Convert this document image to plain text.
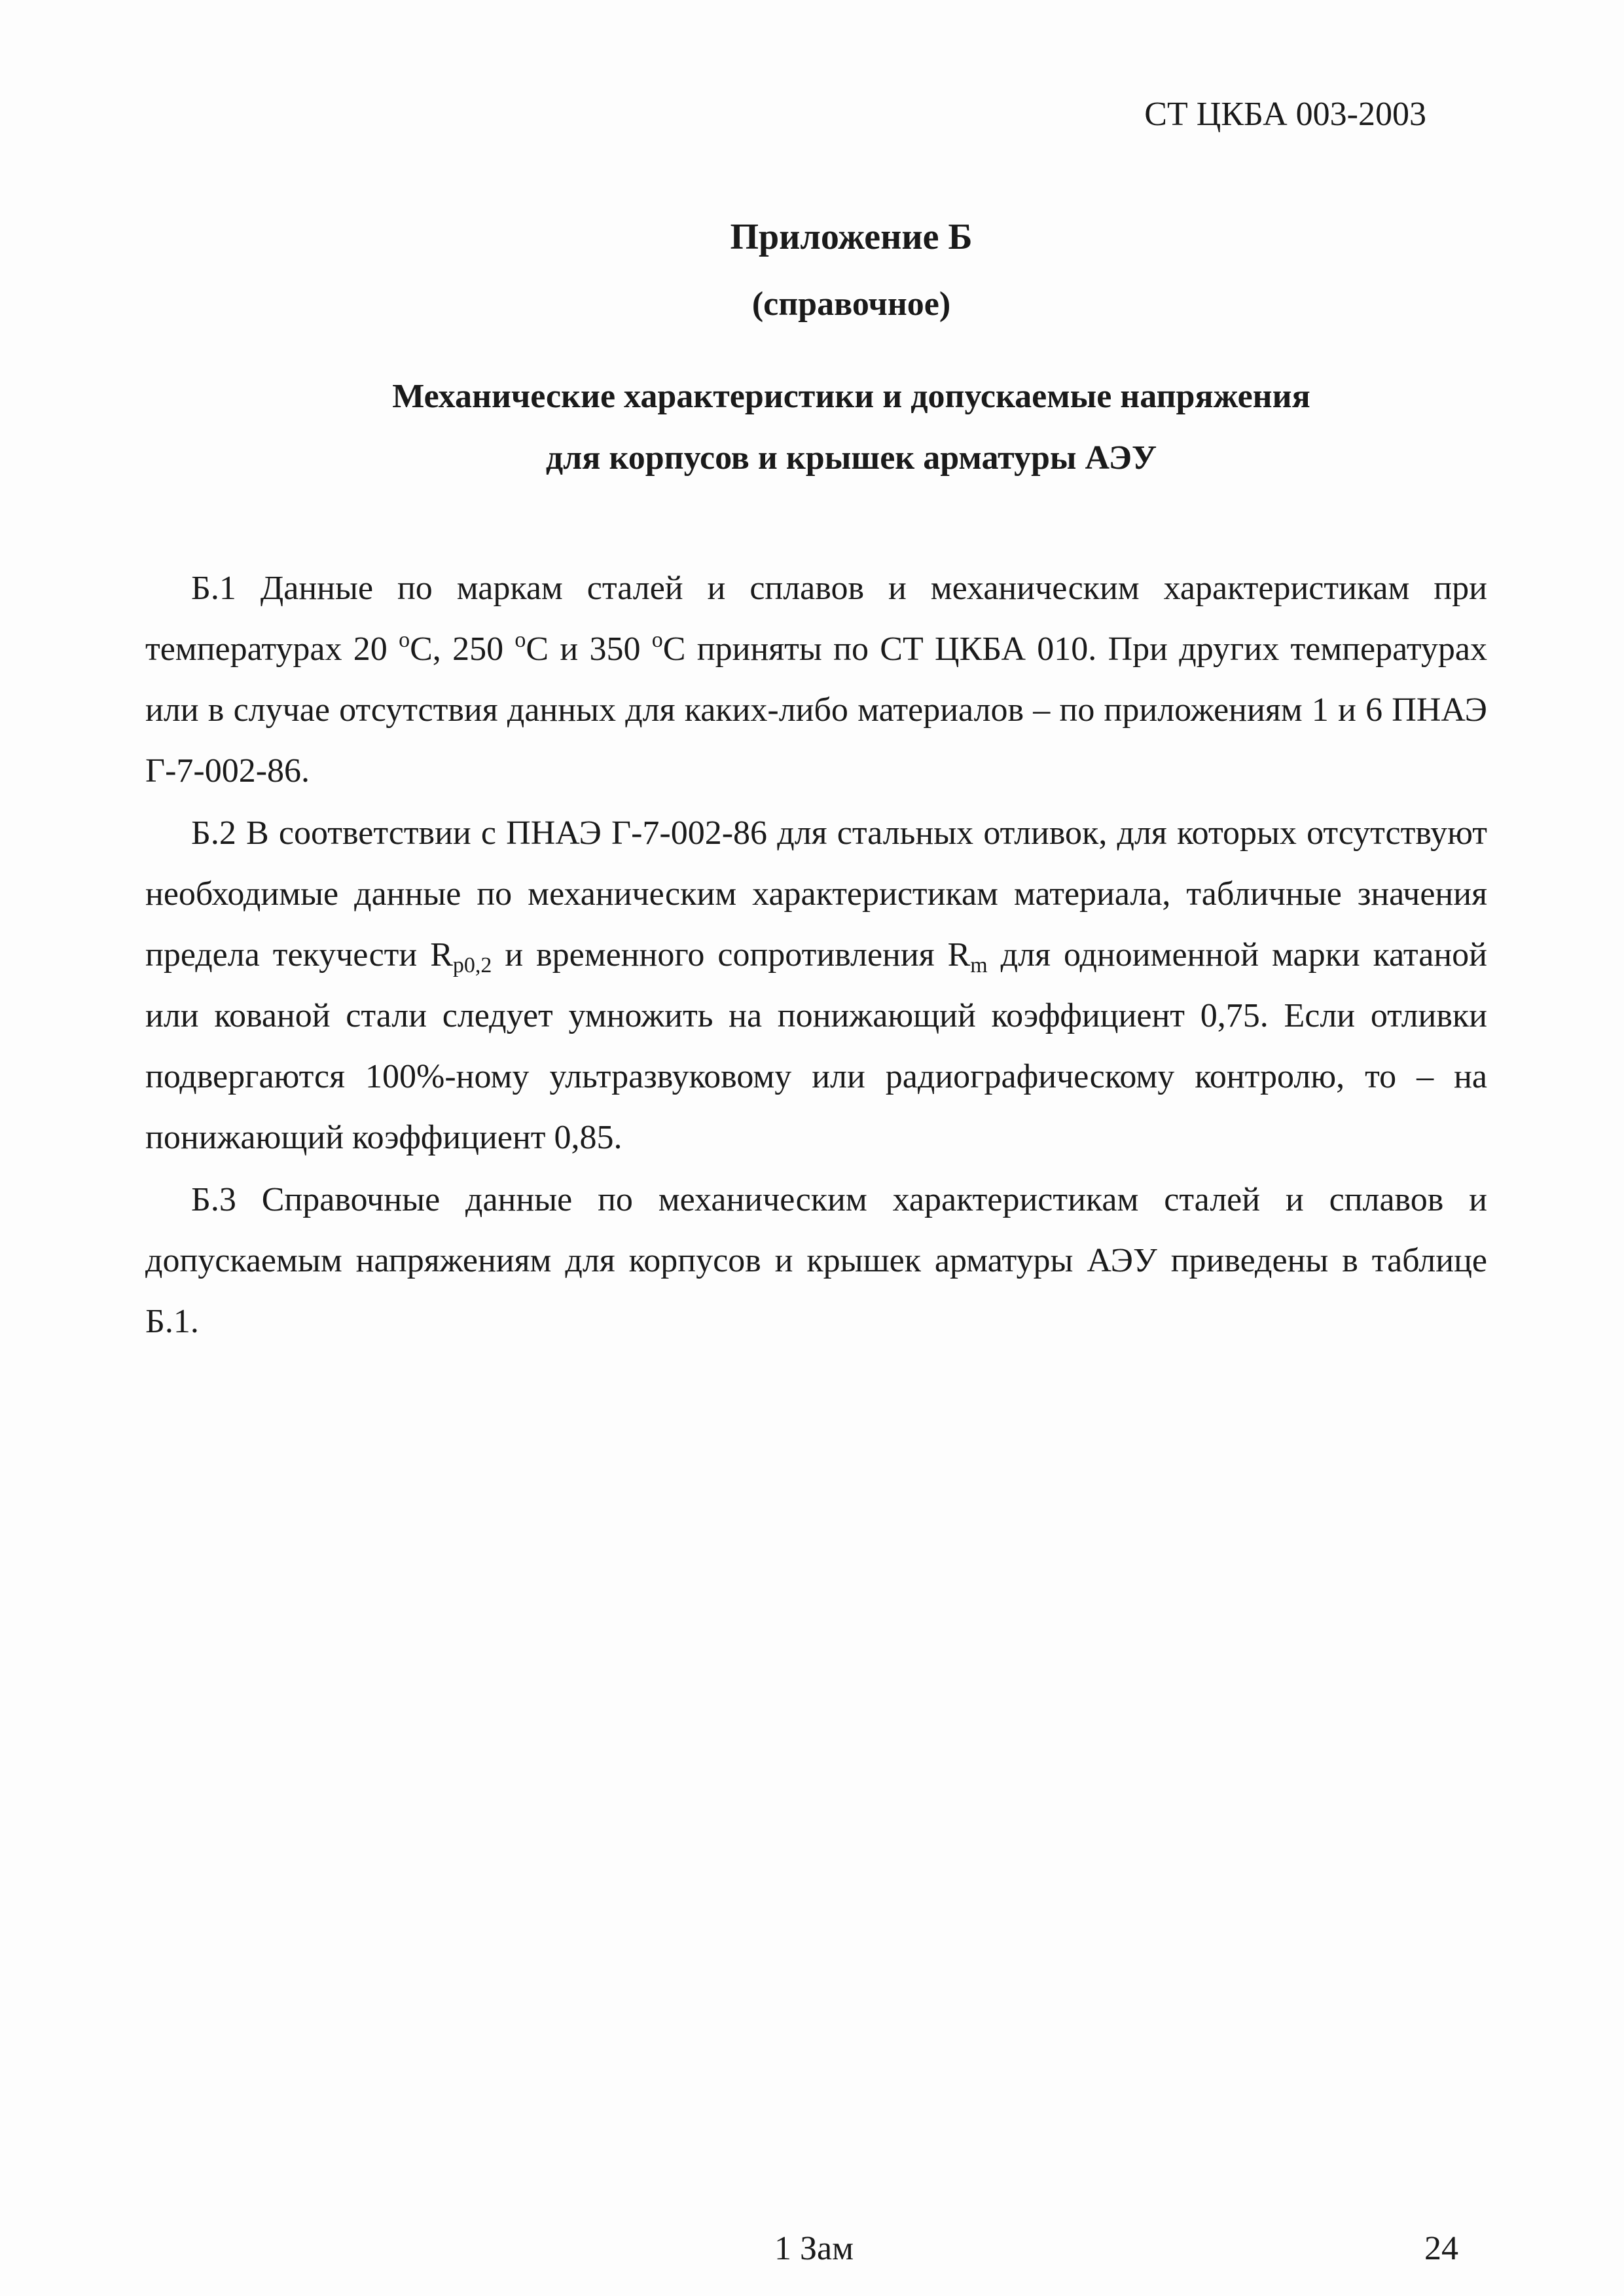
СТ ЦКБА 003-2003
Приложение Б
(справочное)
Механические характеристики и допускаемые напряжения
для корпусов и крышек арматуры АЭУ

Б.1 Данные по маркам сталей и сплавов и механическим характеристикам при температурах 20 $^о$С, 250 $^о$С и 350 $^о$С приняты по СТ ЦКБА 010. При других температурах или в случае отсутствия данных для каких-либо материалов – по приложениям 1 и 6 ПНАЭ Г-7-002-86.

Б.2 В соответствии с ПНАЭ Г-7-002-86 для стальных отливок, для которых отсутствуют необходимые данные по механическим характеристикам материала, табличные значения предела текучести $R_{p0,2}$ и временного сопротивления $R_m$ для одноименной марки катаной или кованой стали следует умножить на понижающий коэффициент 0,75. Если отливки подвергаются 100%-ному ультразвуковому или радиографическому контролю, то – на понижающий коэффициент 0,85.

Б.3 Справочные данные по механическим характеристикам сталей и сплавов и допускаемым напряжениям для корпусов и крышек арматуры АЭУ приведены в таблице Б.1.

1 Зам	24
